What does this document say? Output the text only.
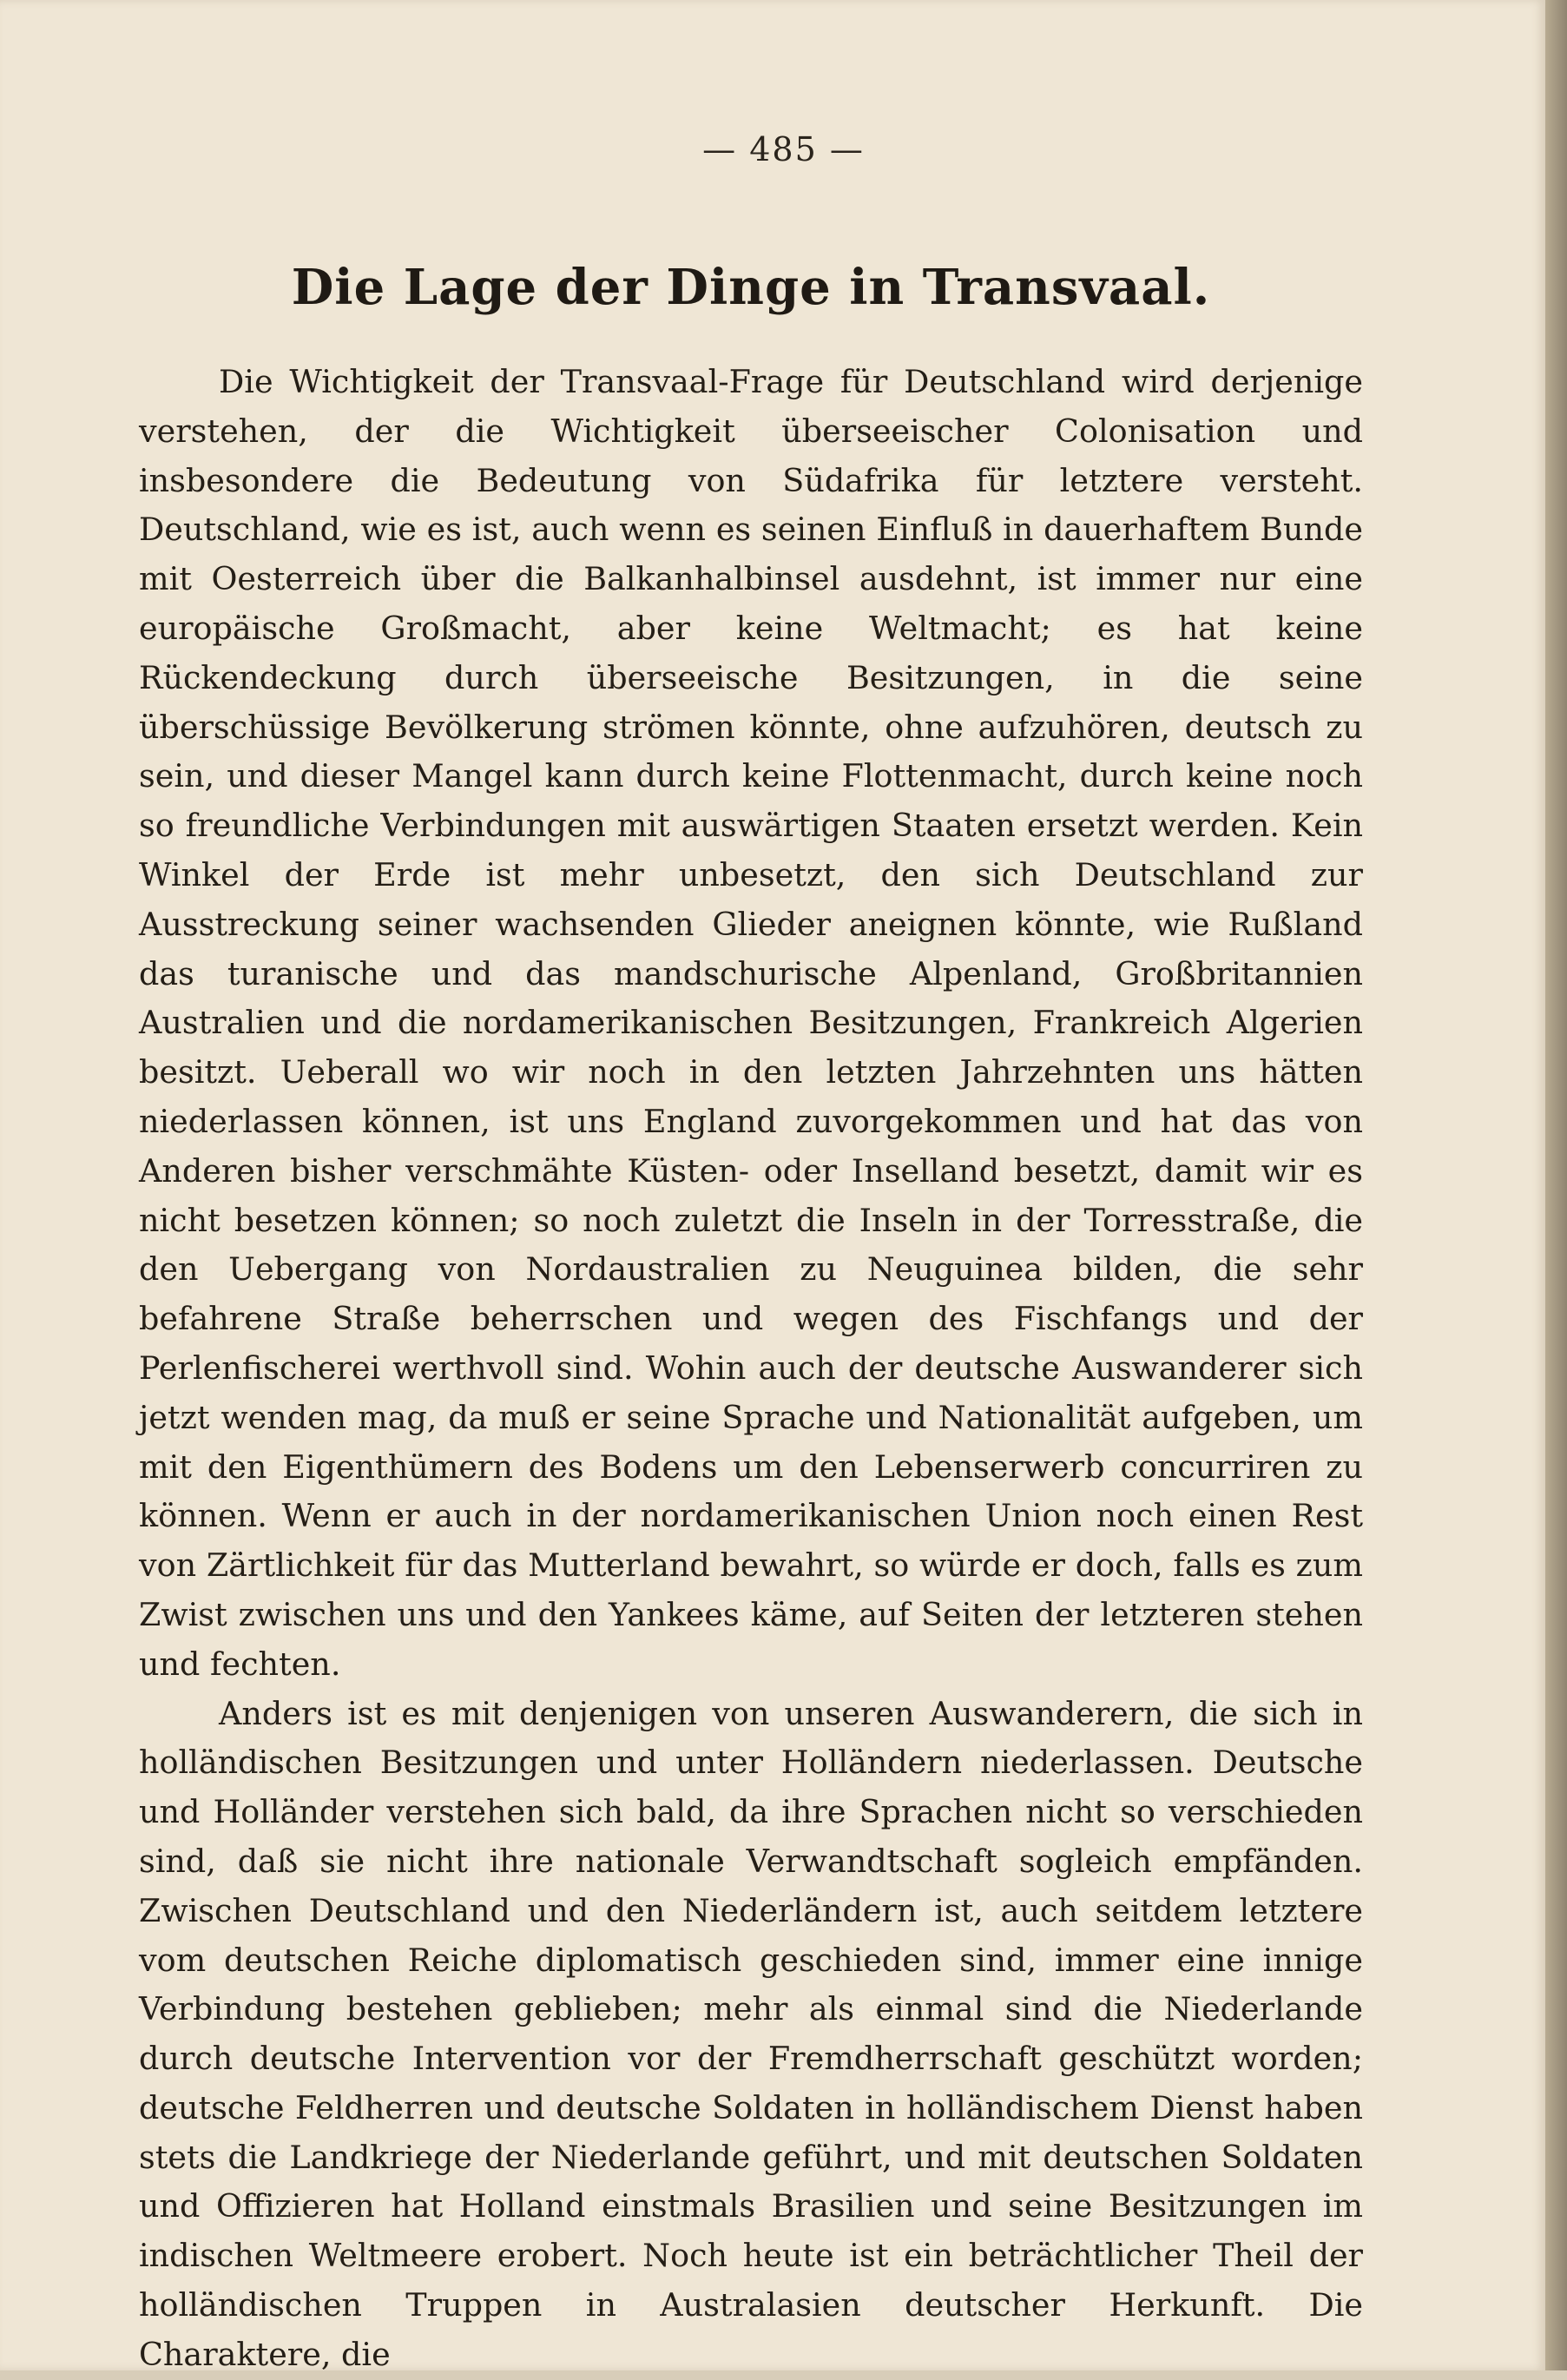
— 485 —
Die Lage der Dinge in Transvaal.

Die Wichtigkeit der Transvaal-Frage für Deutschland wird derjenige verstehen, der die Wichtigkeit überseeischer Colonisation und insbesondere die Bedeutung von Südafrika für letztere versteht. Deutschland, wie es ist, auch wenn es seinen Einfluß in dauerhaftem Bunde mit Oesterreich über die Balkanhalbinsel ausdehnt, ist immer nur eine europäische Großmacht, aber keine Weltmacht; es hat keine Rückendeckung durch überseeische Besitzungen, in die seine überschüssige Bevölkerung strömen könnte, ohne aufzuhören, deutsch zu sein, und dieser Mangel kann durch keine Flottenmacht, durch keine noch so freundliche Verbindungen mit auswärtigen Staaten ersetzt werden. Kein Winkel der Erde ist mehr unbesetzt, den sich Deutschland zur Ausstreckung seiner wachsenden Glieder aneignen könnte, wie Rußland das turanische und das mandschurische Alpenland, Großbritannien Australien und die nordamerikanischen Besitzungen, Frankreich Algerien besitzt. Ueberall wo wir noch in den letzten Jahrzehnten uns hätten niederlassen können, ist uns England zuvorgekommen und hat das von Anderen bisher verschmähte Küsten- oder Inselland besetzt, damit wir es nicht besetzen können; so noch zuletzt die Inseln in der Torresstraße, die den Uebergang von Nordaustralien zu Neuguinea bilden, die sehr befahrene Straße beherrschen und wegen des Fischfangs und der Perlenfischerei werthvoll sind. Wohin auch der deutsche Auswanderer sich jetzt wenden mag, da muß er seine Sprache und Nationalität aufgeben, um mit den Eigenthümern des Bodens um den Lebenserwerb concurriren zu können. Wenn er auch in der nordamerikanischen Union noch einen Rest von Zärtlichkeit für das Mutterland bewahrt, so würde er doch, falls es zum Zwist zwischen uns und den Yankees käme, auf Seiten der letzteren stehen und fechten.

Anders ist es mit denjenigen von unseren Auswanderern, die sich in holländischen Besitzungen und unter Holländern niederlassen. Deutsche und Holländer verstehen sich bald, da ihre Sprachen nicht so verschieden sind, daß sie nicht ihre nationale Verwandtschaft sogleich empfänden. Zwischen Deutschland und den Niederländern ist, auch seitdem letztere vom deutschen Reiche diplomatisch geschieden sind, immer eine innige Verbindung bestehen geblieben; mehr als einmal sind die Niederlande durch deutsche Intervention vor der Fremdherrschaft geschützt worden; deutsche Feldherren und deutsche Soldaten in holländischem Dienst haben stets die Landkriege der Niederlande geführt, und mit deutschen Soldaten und Offizieren hat Holland einstmals Brasilien und seine Besitzungen im indischen Weltmeere erobert. Noch heute ist ein beträchtlicher Theil der holländischen Truppen in Australasien deutscher Herkunft. Die Charaktere, die
